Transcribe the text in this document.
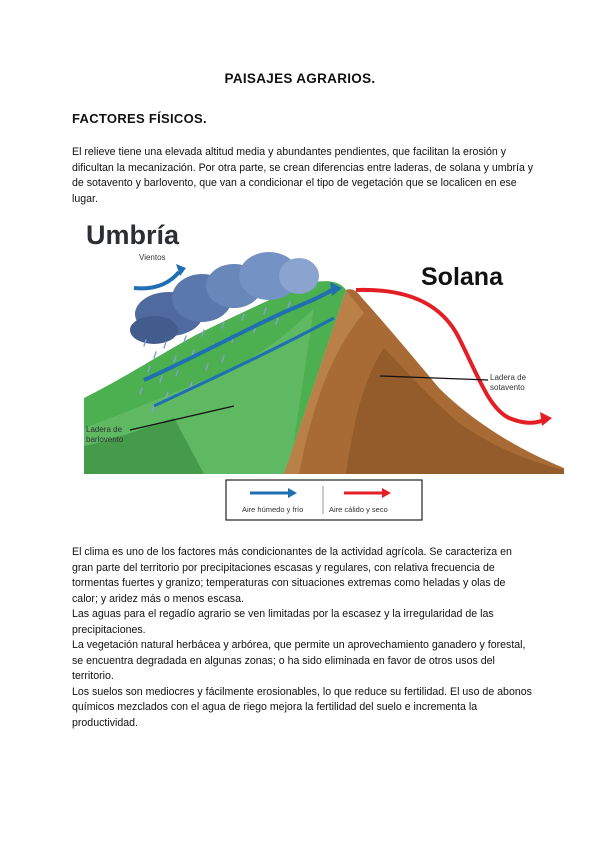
PAISAJES AGRARIOS.
FACTORES FÍSICOS.
El relieve tiene una elevada altitud media y abundantes pendientes, que facilitan la erosión y dificultan la mecanización. Por otra parte, se crean diferencias entre laderas, de solana y umbría y de sotavento y barlovento, que van a condicionar el tipo de vegetación que se localicen en ese lugar.
Umbría
Solana
Vientos
Ladera de
barlovento
Ladera de
sotavento
Aire húmedo y frío	Aire cálido y seco

El clima es uno de los factores más condicionantes de la actividad agrícola. Se caracteriza en gran parte del territorio por precipitaciones escasas y regulares, con relativa frecuencia de tormentas fuertes y granizo; temperaturas con situaciones extremas como heladas y olas de calor; y aridez más o menos escasa.

Las aguas para el regadío agrario se ven limitadas por la escasez y la irregularidad de las precipitaciones.

La vegetación natural herbácea y arbórea, que permite un aprovechamiento ganadero y forestal, se encuentra degradada en algunas zonas; o ha sido eliminada en favor de otros usos del territorio.

Los suelos son mediocres y fácilmente erosionables, lo que reduce su fertilidad. El uso de abonos químicos mezclados con el agua de riego mejora la fertilidad del suelo e incrementa la productividad.
